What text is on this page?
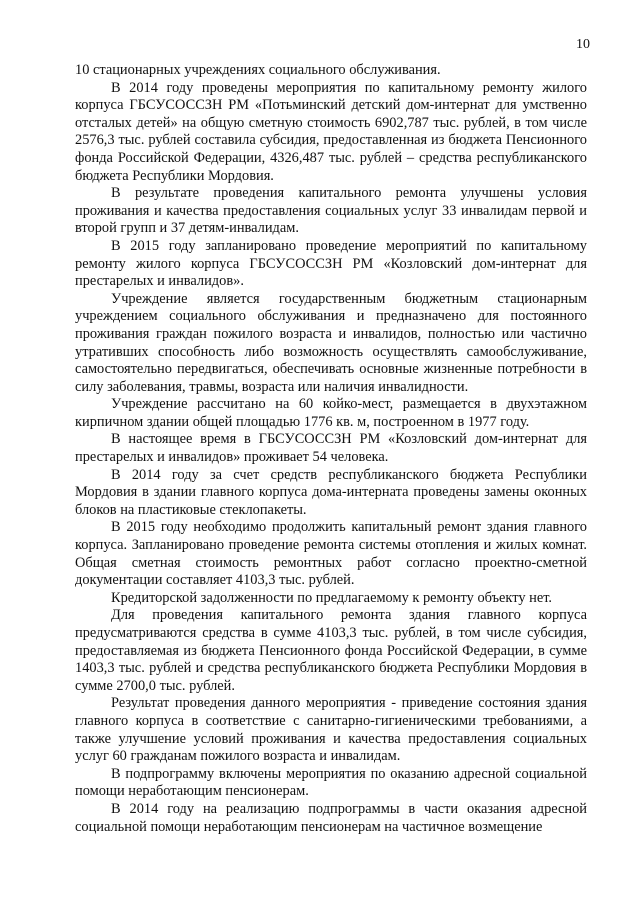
10

10 стационарных учреждениях социального обслуживания.

В 2014 году проведены мероприятия по капитальному ремонту жилого корпуса ГБСУСОССЗН РМ «Потьминский детский дом-интернат для умственно отсталых детей» на общую сметную стоимость 6902,787 тыс. рублей, в том числе 2576,3 тыс. рублей составила субсидия, предоставленная из бюджета Пенсионного фонда Российской Федерации, 4326,487 тыс. рублей – средства республиканского бюджета Республики Мордовия.

В результате проведения капитального ремонта улучшены условия проживания и качества предоставления социальных услуг 33 инвалидам первой и второй групп и 37 детям-инвалидам.

В 2015 году запланировано проведение мероприятий по капитальному ремонту жилого корпуса ГБСУСОССЗН РМ «Козловский дом-интернат для престарелых и инвалидов».

Учреждение является государственным бюджетным стационарным учреждением социального обслуживания и предназначено для постоянного проживания граждан пожилого возраста и инвалидов, полностью или частично утративших способность либо возможность осуществлять самообслуживание, самостоятельно передвигаться, обеспечивать основные жизненные потребности в силу заболевания, травмы, возраста или наличия инвалидности.

Учреждение рассчитано на 60 койко-мест, размещается в двухэтажном кирпичном здании общей площадью 1776 кв. м, построенном в 1977 году.

В настоящее время в ГБСУСОССЗН РМ «Козловский дом-интернат для престарелых и инвалидов» проживает 54 человека.

В 2014 году за счет средств республиканского бюджета Республики Мордовия в здании главного корпуса дома-интерната проведены замены оконных блоков на пластиковые стеклопакеты.

В 2015 году необходимо продолжить капитальный ремонт здания главного корпуса. Запланировано проведение ремонта системы отопления и жилых комнат. Общая сметная стоимость ремонтных работ согласно проектно-сметной документации составляет 4103,3 тыс. рублей.

Кредиторской задолженности по предлагаемому к ремонту объекту нет.

Для проведения капитального ремонта здания главного корпуса предусматриваются средства в сумме 4103,3 тыс. рублей, в том числе субсидия, предоставляемая из бюджета Пенсионного фонда Российской Федерации, в сумме 1403,3 тыс. рублей и средства республиканского бюджета Республики Мордовия в сумме 2700,0 тыс. рублей.

Результат проведения данного мероприятия - приведение состояния здания главного корпуса в соответствие с санитарно-гигиеническими требованиями, а также улучшение условий проживания и качества предоставления социальных услуг 60 гражданам пожилого возраста и инвалидам.

В подпрограмму включены мероприятия по оказанию адресной социальной помощи неработающим пенсионерам.

В 2014 году на реализацию подпрограммы в части оказания адресной социальной помощи неработающим пенсионерам на частичное возмещение
